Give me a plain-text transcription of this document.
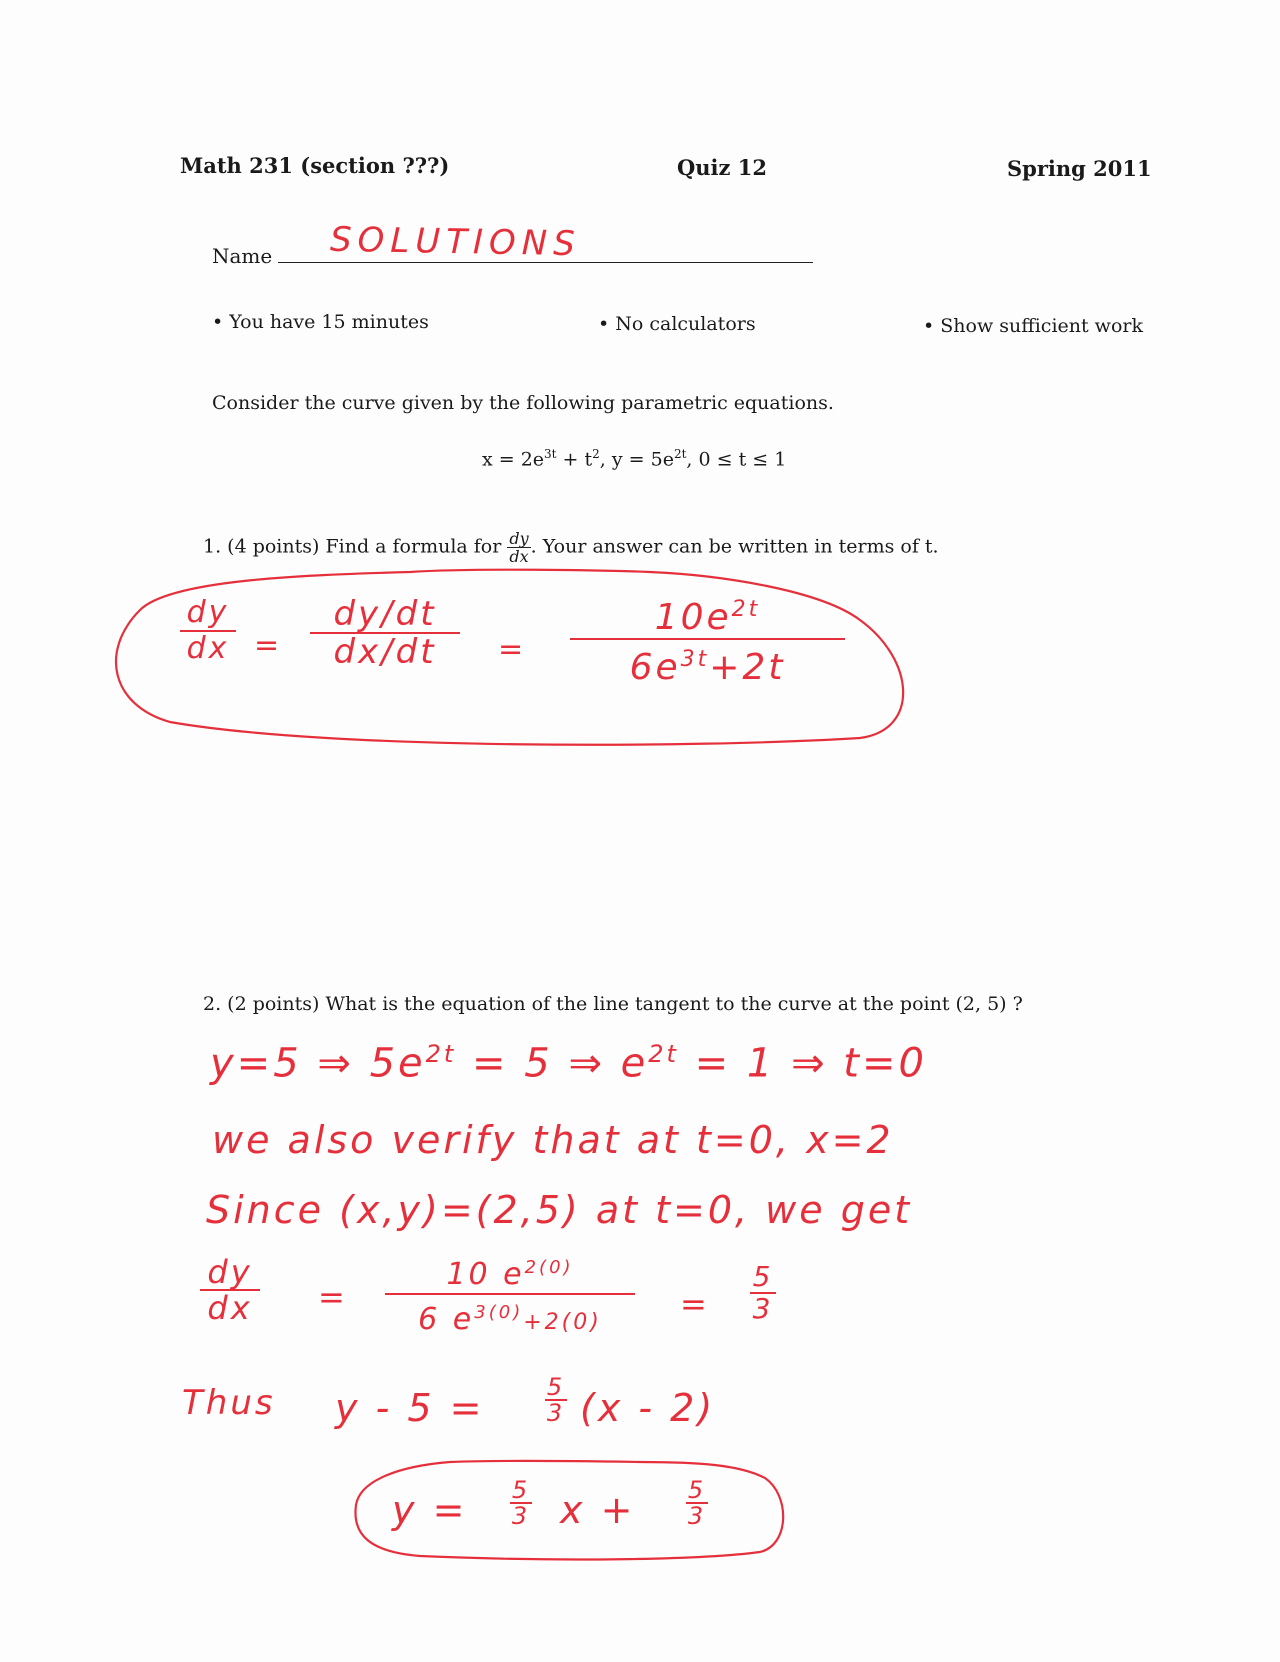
Math 231 (section ???)	Quiz 12	Spring 2011
Name SOLUTIONS
• You have 15 minutes	• No calculators	• Show sufficient work
Consider the curve given by the following parametric equations.
$x = 2e^{3t} + t^2$, $y = 5e^{2t}$, 0 ≤ t ≤ 1
1. (4 points) Find a formula for $\frac{dy}{dx}$ . Your answer can be written in terms of t.
dy
dx =
dy/dt
dx/dt	=
$10e^{2t}$
$6e^{3t}+2t$
2. (2 points) What is the equation of the line tangent to the curve at the point (2, 5) ?
y=5 ⇒ $5e^{2t} = 5$ ⇒ $e^{2t} = 1$ ⇒ t=0
we also verify that at t=0, x=2
Since (x,y)=(2,5) at t=0, we get
dy
dx =
10 $e^{2(0)}$
6 $e^{3(0)}+2(0)$	=
5
3
Thus y - 5 =	5
3 (x - 2)
y = 5
3 x + 5
3
